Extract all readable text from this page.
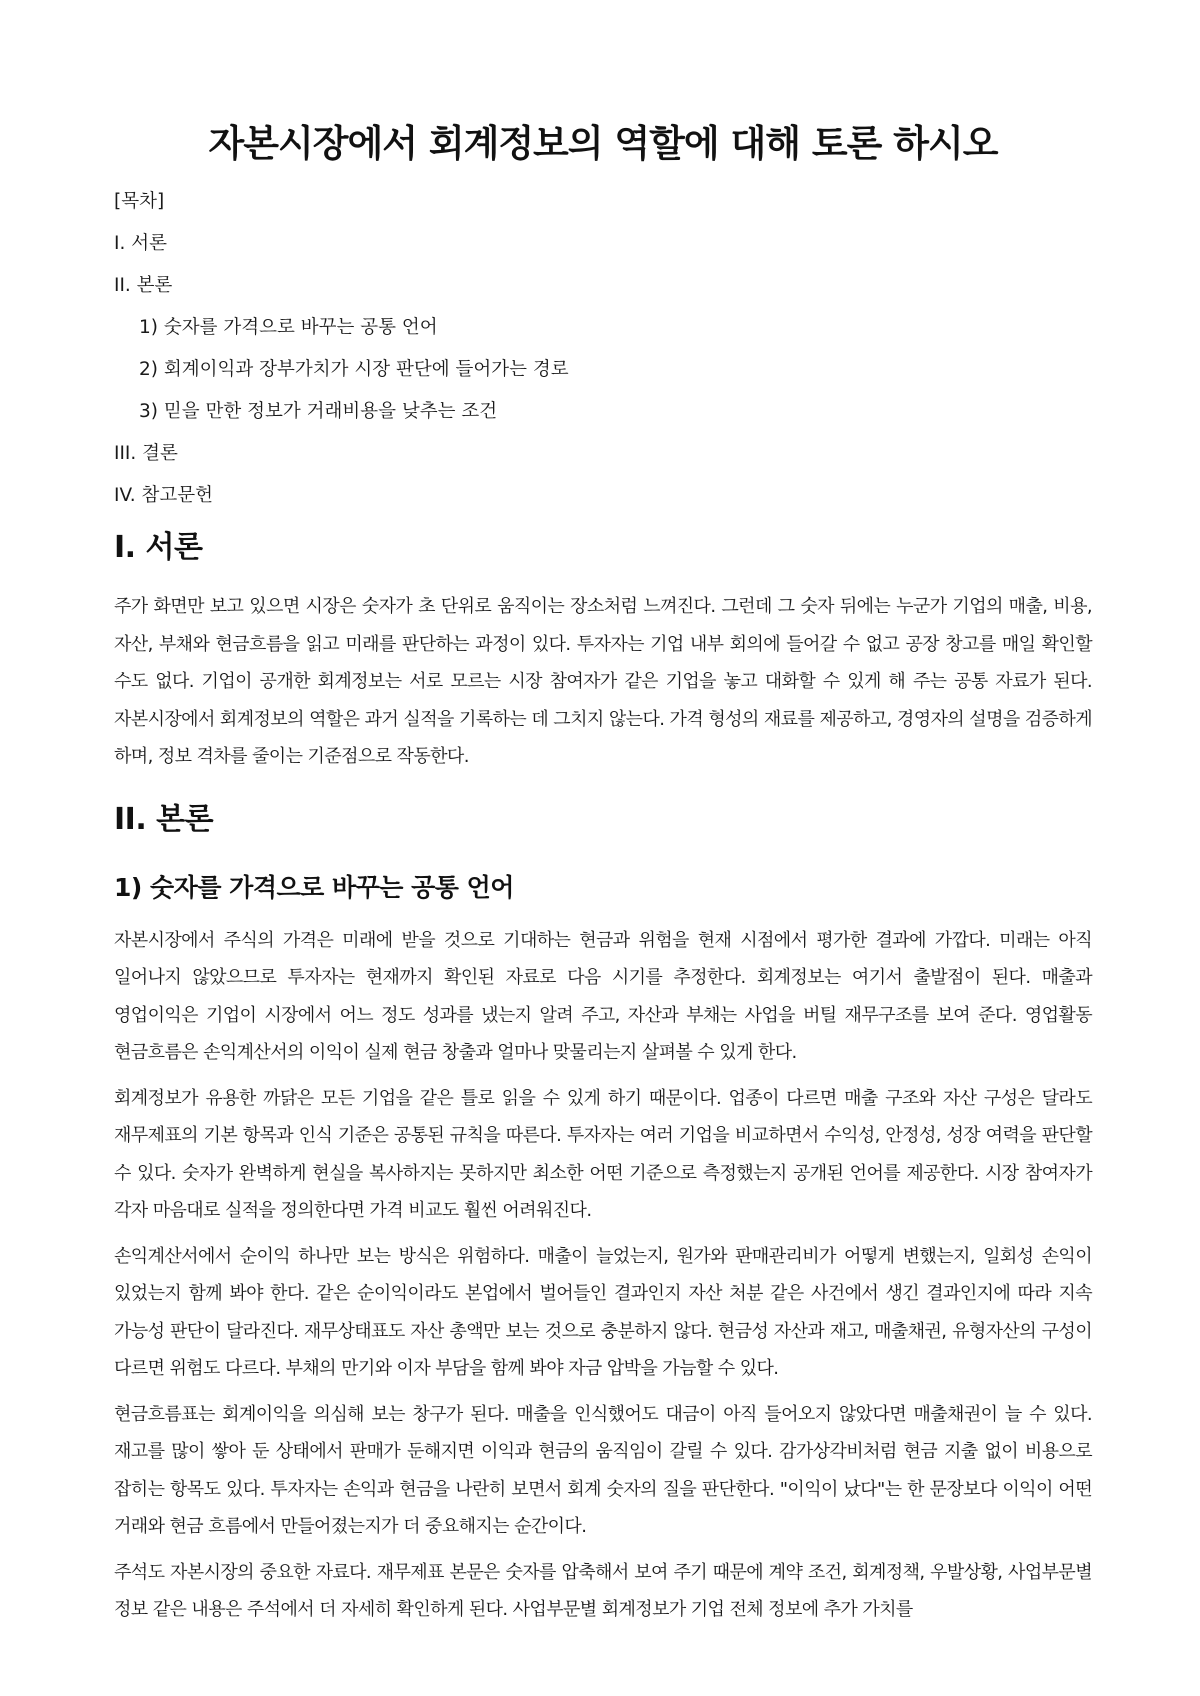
자본시장에서 회계정보의 역할에 대해 토론 하시오
[목차]
I. 서론
II. 본론
1) 숫자를 가격으로 바꾸는 공통 언어
2) 회계이익과 장부가치가 시장 판단에 들어가는 경로
3) 믿을 만한 정보가 거래비용을 낮추는 조건
III. 결론
IV. 참고문헌
I. 서론

주가 화면만 보고 있으면 시장은 숫자가 초 단위로 움직이는 장소처럼 느껴진다. 그런데 그 숫자 뒤에는 누군가 기업의 매출, 비용, 자산, 부채와 현금흐름을 읽고 미래를 판단하는 과정이 있다. 투자자는 기업 내부 회의에 들어갈 수 없고 공장 창고를 매일 확인할 수도 없다. 기업이 공개한 회계정보는 서로 모르는 시장 참여자가 같은 기업을 놓고 대화할 수 있게 해 주는 공통 자료가 된다. 자본시장에서 회계정보의 역할은 과거 실적을 기록하는 데 그치지 않는다. 가격 형성의 재료를 제공하고, 경영자의 설명을 검증하게 하며, 정보 격차를 줄이는 기준점으로 작동한다.

II. 본론
1) 숫자를 가격으로 바꾸는 공통 언어

자본시장에서 주식의 가격은 미래에 받을 것으로 기대하는 현금과 위험을 현재 시점에서 평가한 결과에 가깝다. 미래는 아직 일어나지 않았으므로 투자자는 현재까지 확인된 자료로 다음 시기를 추정한다. 회계정보는 여기서 출발점이 된다. 매출과 영업이익은 기업이 시장에서 어느 정도 성과를 냈는지 알려 주고, 자산과 부채는 사업을 버틸 재무구조를 보여 준다. 영업활동 현금흐름은 손익계산서의 이익이 실제 현금 창출과 얼마나 맞물리는지 살펴볼 수 있게 한다.

회계정보가 유용한 까닭은 모든 기업을 같은 틀로 읽을 수 있게 하기 때문이다. 업종이 다르면 매출 구조와 자산 구성은 달라도 재무제표의 기본 항목과 인식 기준은 공통된 규칙을 따른다. 투자자는 여러 기업을 비교하면서 수익성, 안정성, 성장 여력을 판단할 수 있다. 숫자가 완벽하게 현실을 복사하지는 못하지만 최소한 어떤 기준으로 측정했는지 공개된 언어를 제공한다. 시장 참여자가 각자 마음대로 실적을 정의한다면 가격 비교도 훨씬 어려워진다.

손익계산서에서 순이익 하나만 보는 방식은 위험하다. 매출이 늘었는지, 원가와 판매관리비가 어떻게 변했는지, 일회성 손익이 있었는지 함께 봐야 한다. 같은 순이익이라도 본업에서 벌어들인 결과인지 자산 처분 같은 사건에서 생긴 결과인지에 따라 지속 가능성 판단이 달라진다. 재무상태표도 자산 총액만 보는 것으로 충분하지 않다. 현금성 자산과 재고, 매출채권, 유형자산의 구성이 다르면 위험도 다르다. 부채의 만기와 이자 부담을 함께 봐야 자금 압박을 가늠할 수 있다.

현금흐름표는 회계이익을 의심해 보는 창구가 된다. 매출을 인식했어도 대금이 아직 들어오지 않았다면 매출채권이 늘 수 있다. 재고를 많이 쌓아 둔 상태에서 판매가 둔해지면 이익과 현금의 움직임이 갈릴 수 있다. 감가상각비처럼 현금 지출 없이 비용으로 잡히는 항목도 있다. 투자자는 손익과 현금을 나란히 보면서 회계 숫자의 질을 판단한다. "이익이 났다"는 한 문장보다 이익이 어떤 거래와 현금 흐름에서 만들어졌는지가 더 중요해지는 순간이다.

주석도 자본시장의 중요한 자료다. 재무제표 본문은 숫자를 압축해서 보여 주기 때문에 계약 조건, 회계정책, 우발상황, 사업부문별 정보 같은 내용은 주석에서 더 자세히 확인하게 된다. 사업부문별 회계정보가 기업 전체 정보에 추가 가치를
